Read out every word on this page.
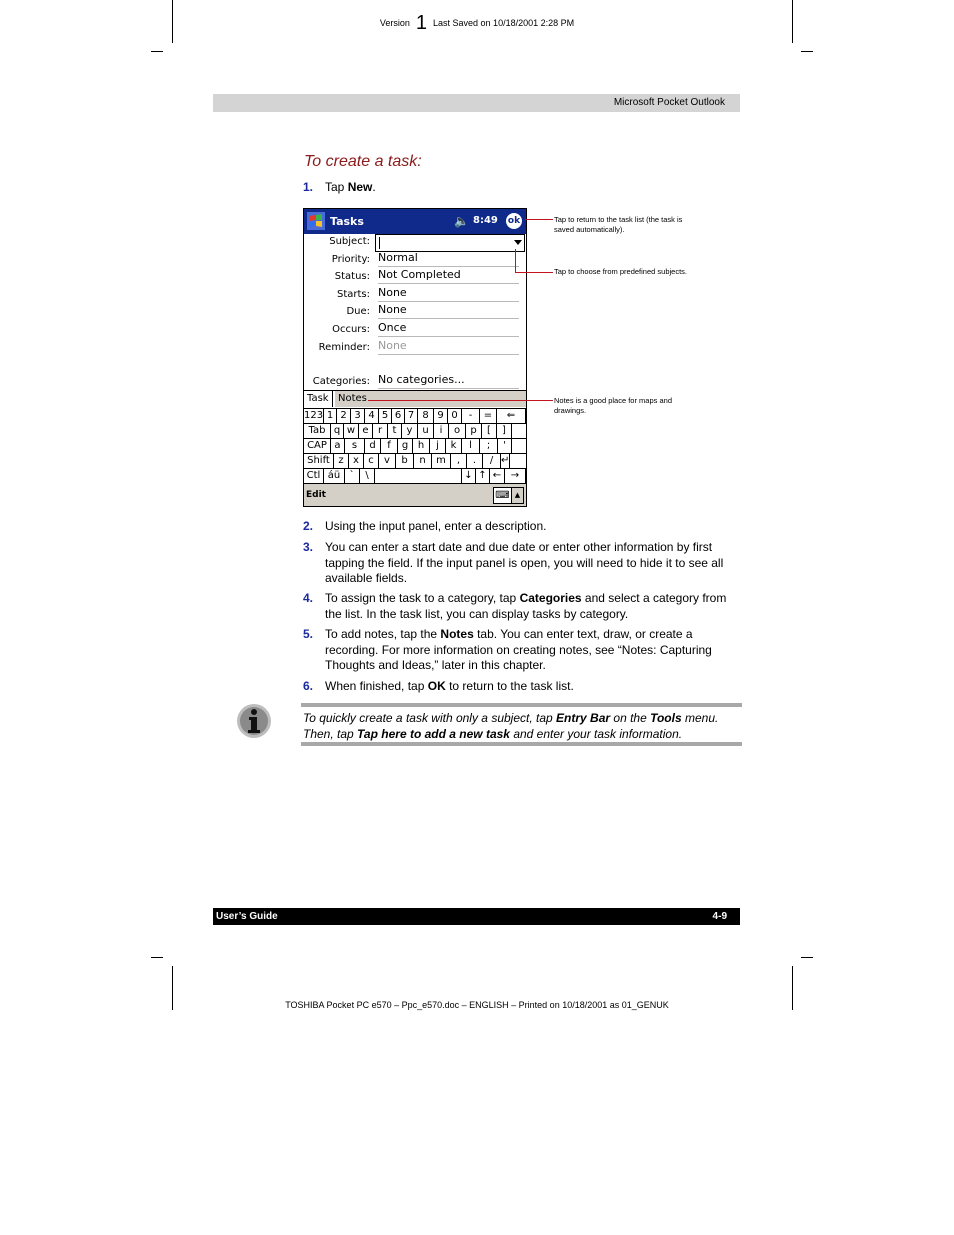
Version 1 Last Saved on 10/18/2001 2:28 PM
Microsoft Pocket Outlook
To create a task:
1. Tap New.
Tasks	🔈 8:49 ok
Subject:
Priority: Normal
Status: Not Completed
Starts: None
Due: None
Occurs: Once
Reminder: None
Categories: No categories...
Task Notes
123 1 2 3 4 5 6 7 8 9 0	-	=	⇐
Tab q w e r	t	y u	i	o	p	[	]
CAP a	s	d	f	g h	j	k	l	;	'
Shift z x c	v	b	n	m	,	.	/ ↵
Ctl áü `	\	↓ ↑ ← →
Edit	⌨ ▲
Tap to return to the task list (the task is saved automatically).
Tap to choose from predefined subjects.
Notes is a good place for maps and drawings.
2. Using the input panel, enter a description.
3. You can enter a start date and due date or enter other information by first tapping the field. If the input panel is open, you will need to hide it to see all available fields.
4. To assign the task to a category, tap Categories and select a category from the list. In the task list, you can display tasks by category.
5. To add notes, tap the Notes tab. You can enter text, draw, or create a recording. For more information on creating notes, see “Notes: Capturing Thoughts and Ideas,” later in this chapter.
6. When finished, tap OK to return to the task list.
To quickly create a task with only a subject, tap Entry Bar on the Tools menu. Then, tap Tap here to add a new task and enter your task information.
User’s Guide	4-9
TOSHIBA Pocket PC e570 – Ppc_e570.doc – ENGLISH – Printed on 10/18/2001 as 01_GENUK
